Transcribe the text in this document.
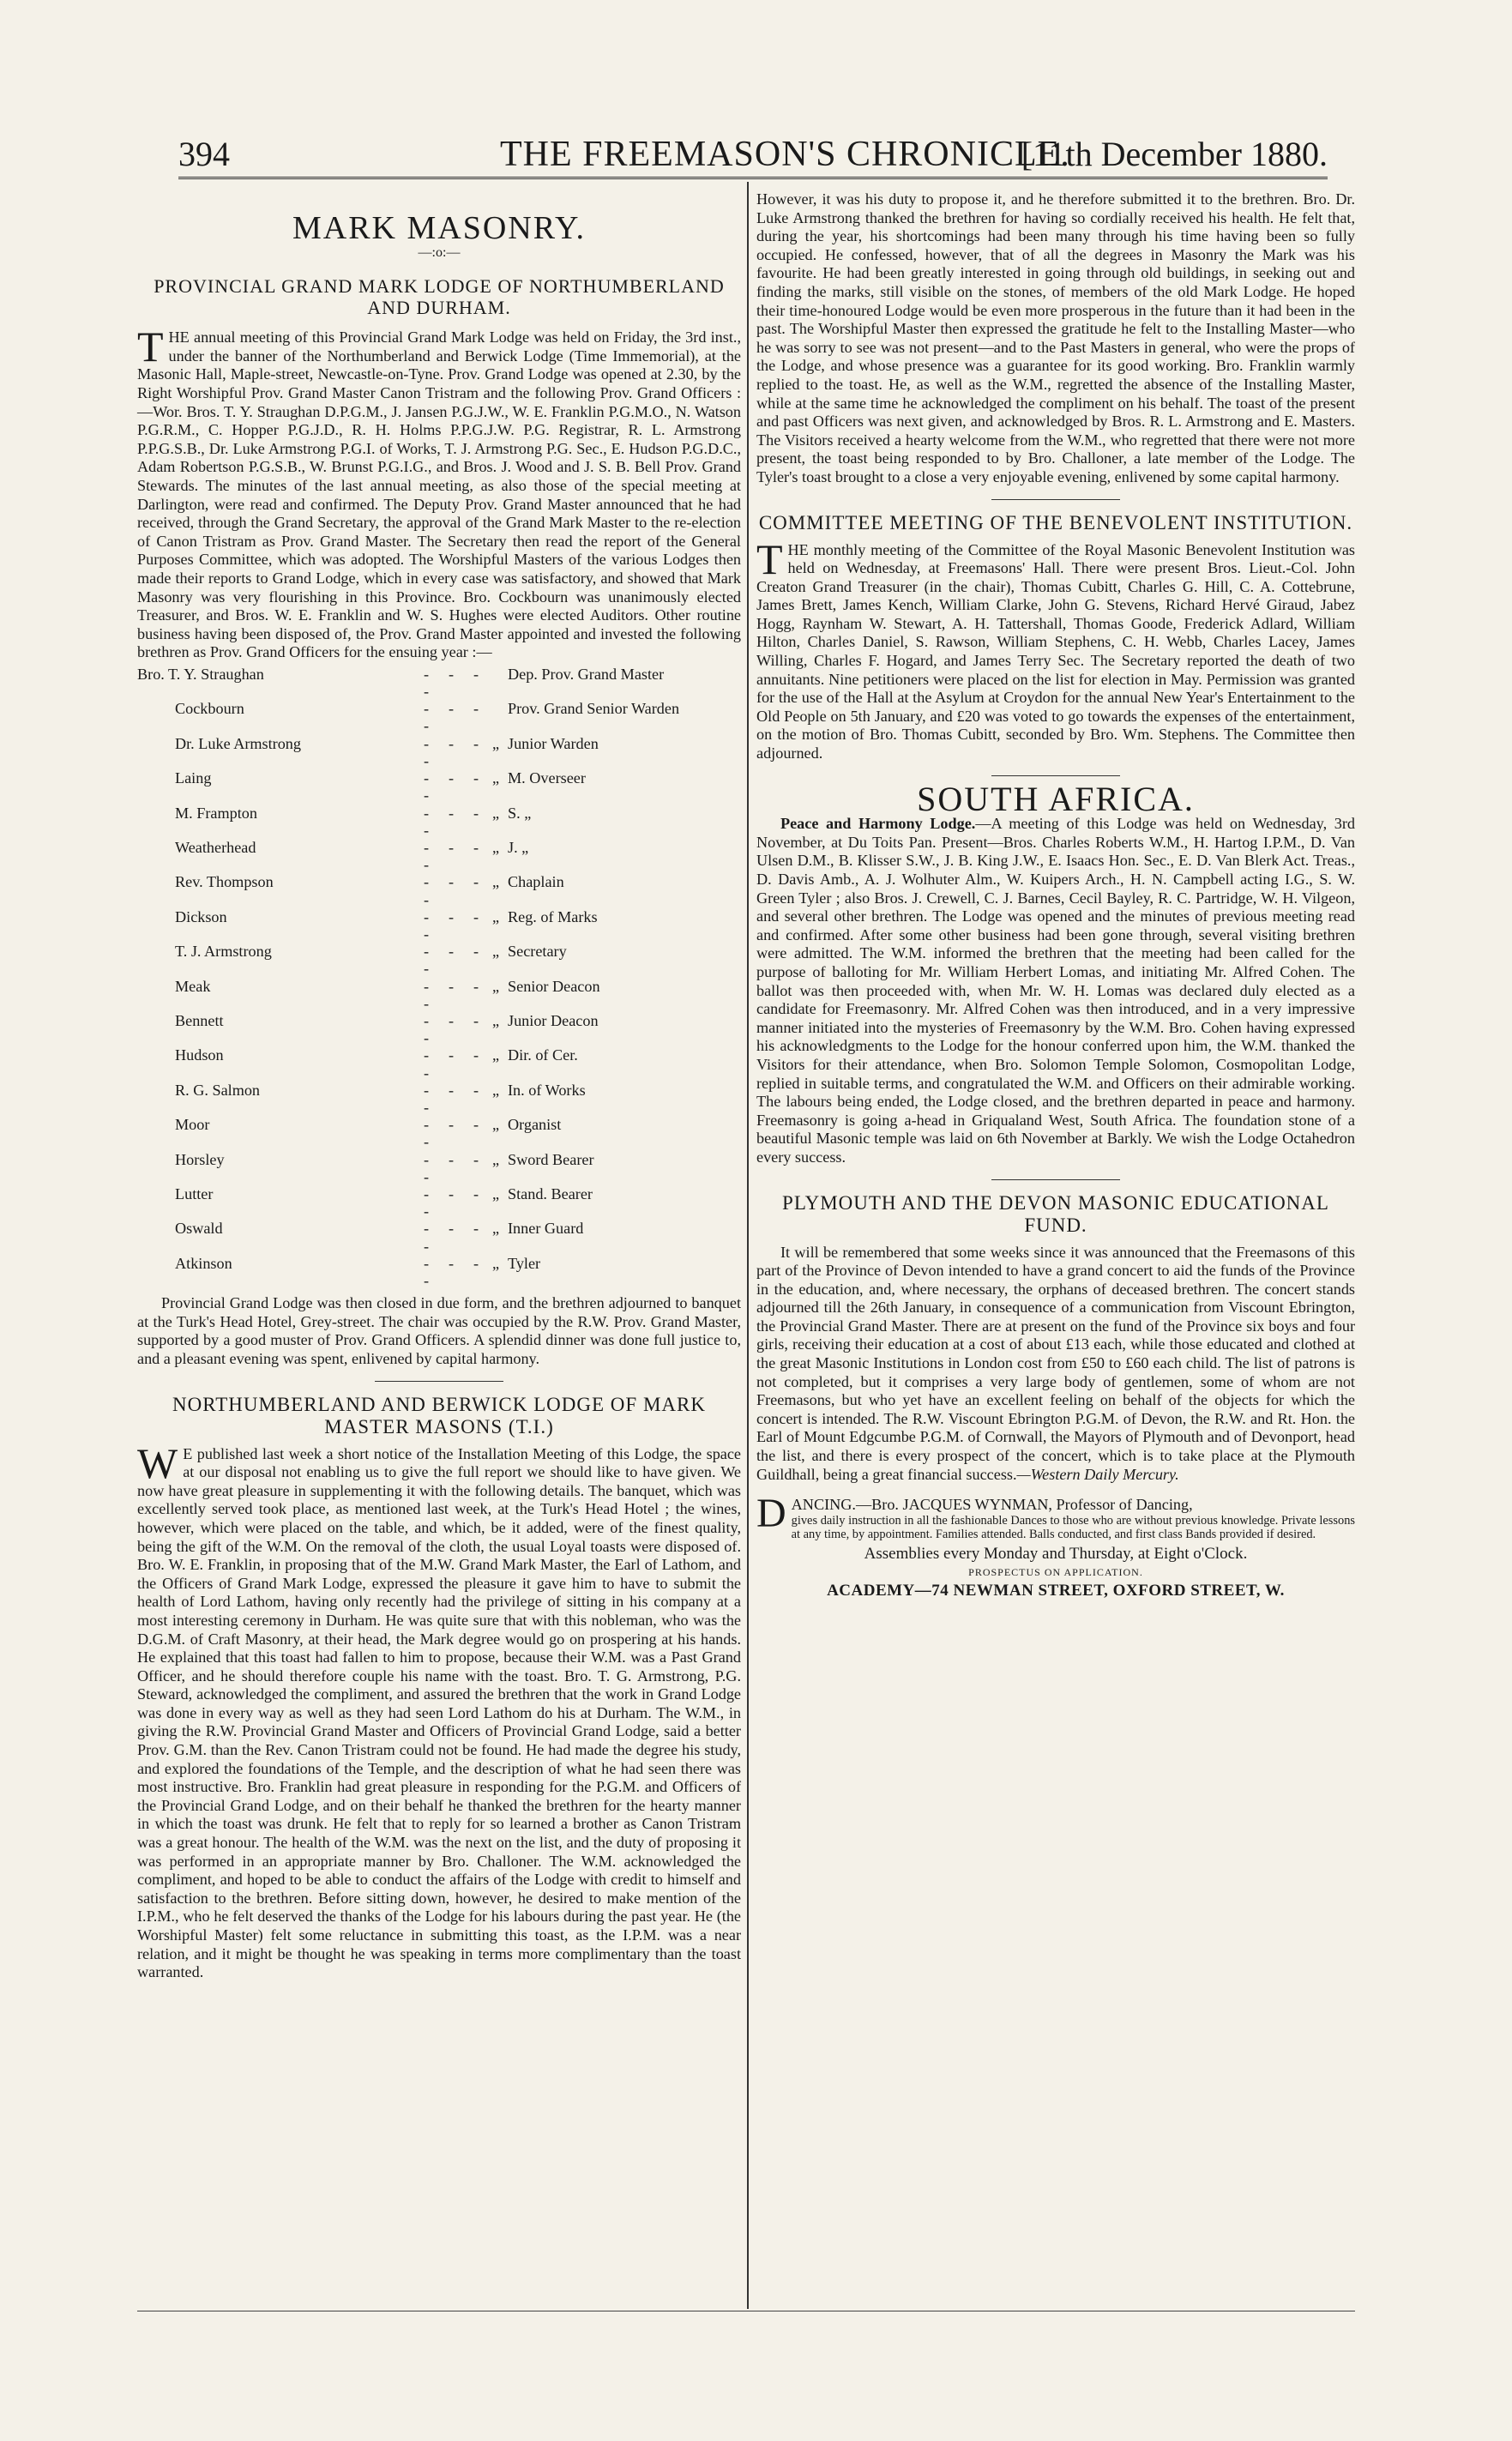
394	THE FREEMASON'S CHRONICLE.
[11th December 1880.
MARK MASONRY.
—:o:—
PROVINCIAL GRAND MARK LODGE OF NORTHUMBERLAND AND DURHAM.

THE annual meeting of this Provincial Grand Mark Lodge was held on Friday, the 3rd inst., under the banner of the Northumberland and Berwick Lodge (Time Immemorial), at the Masonic Hall, Maple-street, Newcastle-on-Tyne. Prov. Grand Lodge was opened at 2.30, by the Right Worshipful Prov. Grand Master Canon Tristram and the following Prov. Grand Officers :—Wor. Bros. T. Y. Straughan D.P.G.M., J. Jansen P.G.J.W., W. E. Franklin P.G.M.O., N. Watson P.G.R.M., C. Hopper P.G.J.D., R. H. Holms P.P.G.J.W. P.G. Registrar, R. L. Armstrong P.P.G.S.B., Dr. Luke Armstrong P.G.I. of Works, T. J. Armstrong P.G. Sec., E. Hudson P.G.D.C., Adam Robertson P.G.S.B., W. Brunst P.G.I.G., and Bros. J. Wood and J. S. B. Bell Prov. Grand Stewards. The minutes of the last annual meeting, as also those of the special meeting at Darlington, were read and confirmed. The Deputy Prov. Grand Master announced that he had received, through the Grand Secretary, the approval of the Grand Mark Master to the re-election of Canon Tristram as Prov. Grand Master. The Secretary then read the report of the General Purposes Committee, which was adopted. The Worshipful Masters of the various Lodges then made their reports to Grand Lodge, which in every case was satisfactory, and showed that Mark Masonry was very flourishing in this Province. Bro. Cockbourn was unanimously elected Treasurer, and Bros. W. E. Franklin and W. S. Hughes were elected Auditors. Other routine business having been disposed of, the Prov. Grand Master appointed and invested the following brethren as Prov. Grand Officers for the ensuing year :—

Bro. T. Y. Straughan	- - - -		Dep. Prov. Grand Master
Cockbourn	- - - -		Prov. Grand Senior Warden
Dr. Luke Armstrong	- - - -	„	Junior Warden
Laing	- - - -	„	M. Overseer
M. Frampton	- - - -	„	S. „
Weatherhead	- - - -	„	J. „
Rev. Thompson	- - - -	„	Chaplain
Dickson	- - - -	„	Reg. of Marks
T. J. Armstrong	- - - -	„	Secretary
Meak	- - - -	„	Senior Deacon
Bennett	- - - -	„	Junior Deacon
Hudson	- - - -	„	Dir. of Cer.
R. G. Salmon	- - - -	„	In. of Works
Moor	- - - -	„	Organist
Horsley	- - - -	„	Sword Bearer
Lutter	- - - -	„	Stand. Bearer
Oswald	- - - -	„	Inner Guard
Atkinson	- - - -	„	Tyler

Provincial Grand Lodge was then closed in due form, and the brethren adjourned to banquet at the Turk's Head Hotel, Grey-street. The chair was occupied by the R.W. Prov. Grand Master, supported by a good muster of Prov. Grand Officers. A splendid dinner was done full justice to, and a pleasant evening was spent, enlivened by capital harmony.

NORTHUMBERLAND AND BERWICK LODGE OF MARK MASTER MASONS (T.I.)

W E published last week a short notice of the Installation Meeting of this Lodge, the space at our disposal not enabling us to give the full report we should like to have given. We now have great pleasure in supplementing it with the following details. The banquet, which was excellently served took place, as mentioned last week, at the Turk's Head Hotel ; the wines, however, which were placed on the table, and which, be it added, were of the finest quality, being the gift of the W.M. On the removal of the cloth, the usual Loyal toasts were disposed of. Bro. W. E. Franklin, in proposing that of the M.W. Grand Mark Master, the Earl of Lathom, and the Officers of Grand Mark Lodge, expressed the pleasure it gave him to have to submit the health of Lord Lathom, having only recently had the privilege of sitting in his company at a most interesting ceremony in Durham. He was quite sure that with this nobleman, who was the D.G.M. of Craft Masonry, at their head, the Mark degree would go on prospering at his hands. He explained that this toast had fallen to him to propose, because their W.M. was a Past Grand Officer, and he should therefore couple his name with the toast. Bro. T. G. Armstrong, P.G. Steward, acknowledged the compliment, and assured the brethren that the work in Grand Lodge was done in every way as well as they had seen Lord Lathom do his at Durham. The W.M., in giving the R.W. Provincial Grand Master and Officers of Provincial Grand Lodge, said a better Prov. G.M. than the Rev. Canon Tristram could not be found. He had made the degree his study, and explored the foundations of the Temple, and the description of what he had seen there was most instructive. Bro. Franklin had great pleasure in responding for the P.G.M. and Officers of the Provincial Grand Lodge, and on their behalf he thanked the brethren for the hearty manner in which the toast was drunk. He felt that to reply for so learned a brother as Canon Tristram was a great honour. The health of the W.M. was the next on the list, and the duty of proposing it was performed in an appropriate manner by Bro. Challoner. The W.M. acknowledged the compliment, and hoped to be able to conduct the affairs of the Lodge with credit to himself and satisfaction to the brethren. Before sitting down, however, he desired to make mention of the I.P.M., who he felt deserved the thanks of the Lodge for his labours during the past year. He (the Worshipful Master) felt some reluctance in submitting this toast, as the I.P.M. was a near relation, and it might be thought he was speaking in terms more complimentary than the toast warranted.

However, it was his duty to propose it, and he therefore submitted it to the brethren. Bro. Dr. Luke Armstrong thanked the brethren for having so cordially received his health. He felt that, during the year, his shortcomings had been many through his time having been so fully occupied. He confessed, however, that of all the degrees in Masonry the Mark was his favourite. He had been greatly interested in going through old buildings, in seeking out and finding the marks, still visible on the stones, of members of the old Mark Lodge. He hoped their time-honoured Lodge would be even more prosperous in the future than it had been in the past. The Worshipful Master then expressed the gratitude he felt to the Installing Master—who he was sorry to see was not present—and to the Past Masters in general, who were the props of the Lodge, and whose presence was a guarantee for its good working. Bro. Franklin warmly replied to the toast. He, as well as the W.M., regretted the absence of the Installing Master, while at the same time he acknowledged the compliment on his behalf. The toast of the present and past Officers was next given, and acknowledged by Bros. R. L. Armstrong and E. Masters. The Visitors received a hearty welcome from the W.M., who regretted that there were not more present, the toast being responded to by Bro. Challoner, a late member of the Lodge. The Tyler's toast brought to a close a very enjoyable evening, enlivened by some capital harmony.

COMMITTEE MEETING OF THE BENEVOLENT INSTITUTION.

THE monthly meeting of the Committee of the Royal Masonic Benevolent Institution was held on Wednesday, at Freemasons' Hall. There were present Bros. Lieut.-Col. John Creaton Grand Treasurer (in the chair), Thomas Cubitt, Charles G. Hill, C. A. Cottebrune, James Brett, James Kench, William Clarke, John G. Stevens, Richard Hervé Giraud, Jabez Hogg, Raynham W. Stewart, A. H. Tattershall, Thomas Goode, Frederick Adlard, William Hilton, Charles Daniel, S. Rawson, William Stephens, C. H. Webb, Charles Lacey, James Willing, Charles F. Hogard, and James Terry Sec. The Secretary reported the death of two annuitants. Nine petitioners were placed on the list for election in May. Permission was granted for the use of the Hall at the Asylum at Croydon for the annual New Year's Entertainment to the Old People on 5th January, and £20 was voted to go towards the expenses of the entertainment, on the motion of Bro. Thomas Cubitt, seconded by Bro. Wm. Stephens. The Committee then adjourned.

SOUTH AFRICA.

Peace and Harmony Lodge.—A meeting of this Lodge was held on Wednesday, 3rd November, at Du Toits Pan. Present—Bros. Charles Roberts W.M., H. Hartog I.P.M., D. Van Ulsen D.M., B. Klisser S.W., J. B. King J.W., E. Isaacs Hon. Sec., E. D. Van Blerk Act. Treas., D. Davis Amb., A. J. Wolhuter Alm., W. Kuipers Arch., H. N. Campbell acting I.G., S. W. Green Tyler ; also Bros. J. Crewell, C. J. Barnes, Cecil Bayley, R. C. Partridge, W. H. Vilgeon, and several other brethren. The Lodge was opened and the minutes of previous meeting read and confirmed. After some other business had been gone through, several visiting brethren were admitted. The W.M. informed the brethren that the meeting had been called for the purpose of balloting for Mr. William Herbert Lomas, and initiating Mr. Alfred Cohen. The ballot was then proceeded with, when Mr. W. H. Lomas was declared duly elected as a candidate for Freemasonry. Mr. Alfred Cohen was then introduced, and in a very impressive manner initiated into the mysteries of Freemasonry by the W.M. Bro. Cohen having expressed his acknowledgments to the Lodge for the honour conferred upon him, the W.M. thanked the Visitors for their attendance, when Bro. Solomon Temple Solomon, Cosmopolitan Lodge, replied in suitable terms, and congratulated the W.M. and Officers on their admirable working. The labours being ended, the Lodge closed, and the brethren departed in peace and harmony. Freemasonry is going a-head in Griqualand West, South Africa. The foundation stone of a beautiful Masonic temple was laid on 6th November at Barkly. We wish the Lodge Octahedron every success.

PLYMOUTH AND THE DEVON MASONIC EDUCATIONAL FUND.

It will be remembered that some weeks since it was announced that the Freemasons of this part of the Province of Devon intended to have a grand concert to aid the funds of the Province in the education, and, where necessary, the orphans of deceased brethren. The concert stands adjourned till the 26th January, in consequence of a communication from Viscount Ebrington, the Provincial Grand Master. There are at present on the fund of the Province six boys and four girls, receiving their education at a cost of about £13 each, while those educated and clothed at the great Masonic Institutions in London cost from £50 to £60 each child. The list of patrons is not completed, but it comprises a very large body of gentlemen, some of whom are not Freemasons, but who yet have an excellent feeling on behalf of the objects for which the concert is intended. The R.W. Viscount Ebrington P.G.M. of Devon, the R.W. and Rt. Hon. the Earl of Mount Edgcumbe P.G.M. of Cornwall, the Mayors of Plymouth and of Devonport, head the list, and there is every prospect of the concert, which is to take place at the Plymouth Guildhall, being a great financial success.—Western Daily Mercury.

DANCING.—Bro. JACQUES WYNMAN, Professor of Dancing,
gives daily instruction in all the fashionable Dances to those who are without previous knowledge. Private lessons at any time, by appointment. Families attended. Balls conducted, and first class Bands provided if desired.
Assemblies every Monday and Thursday, at Eight o'Clock.
PROSPECTUS ON APPLICATION.
ACADEMY—74 NEWMAN STREET, OXFORD STREET, W.
